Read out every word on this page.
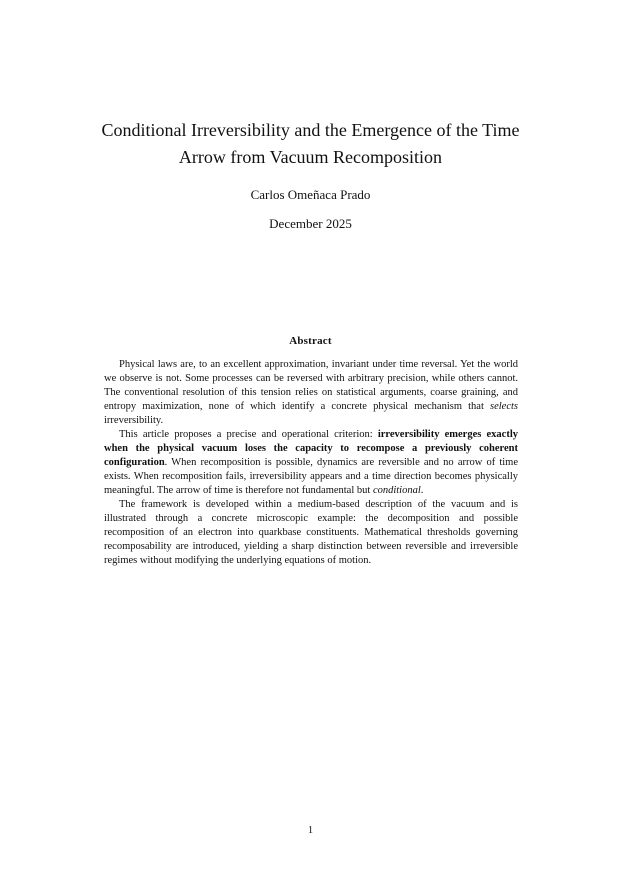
Conditional Irreversibility and the Emergence of the Time Arrow from Vacuum Recomposition
Carlos Omeñaca Prado
December 2025
Abstract

Physical laws are, to an excellent approximation, invariant under time reversal. Yet the world we observe is not. Some processes can be reversed with arbitrary precision, while others cannot. The conventional resolution of this tension relies on statistical arguments, coarse graining, and entropy maximization, none of which identify a concrete physical mechanism that selects irreversibility.

This article proposes a precise and operational criterion: irreversibility emerges exactly when the physical vacuum loses the capacity to recompose a previously coherent configuration. When recomposition is possible, dynamics are reversible and no arrow of time exists. When recomposition fails, irreversibility appears and a time direction becomes physically meaningful. The arrow of time is therefore not fundamental but conditional.

The framework is developed within a medium-based description of the vacuum and is illustrated through a concrete microscopic example: the decomposition and possible recomposition of an electron into quarkbase constituents. Mathematical thresholds governing recomposability are introduced, yielding a sharp distinction between reversible and irreversible regimes without modifying the underlying equations of motion.

1
